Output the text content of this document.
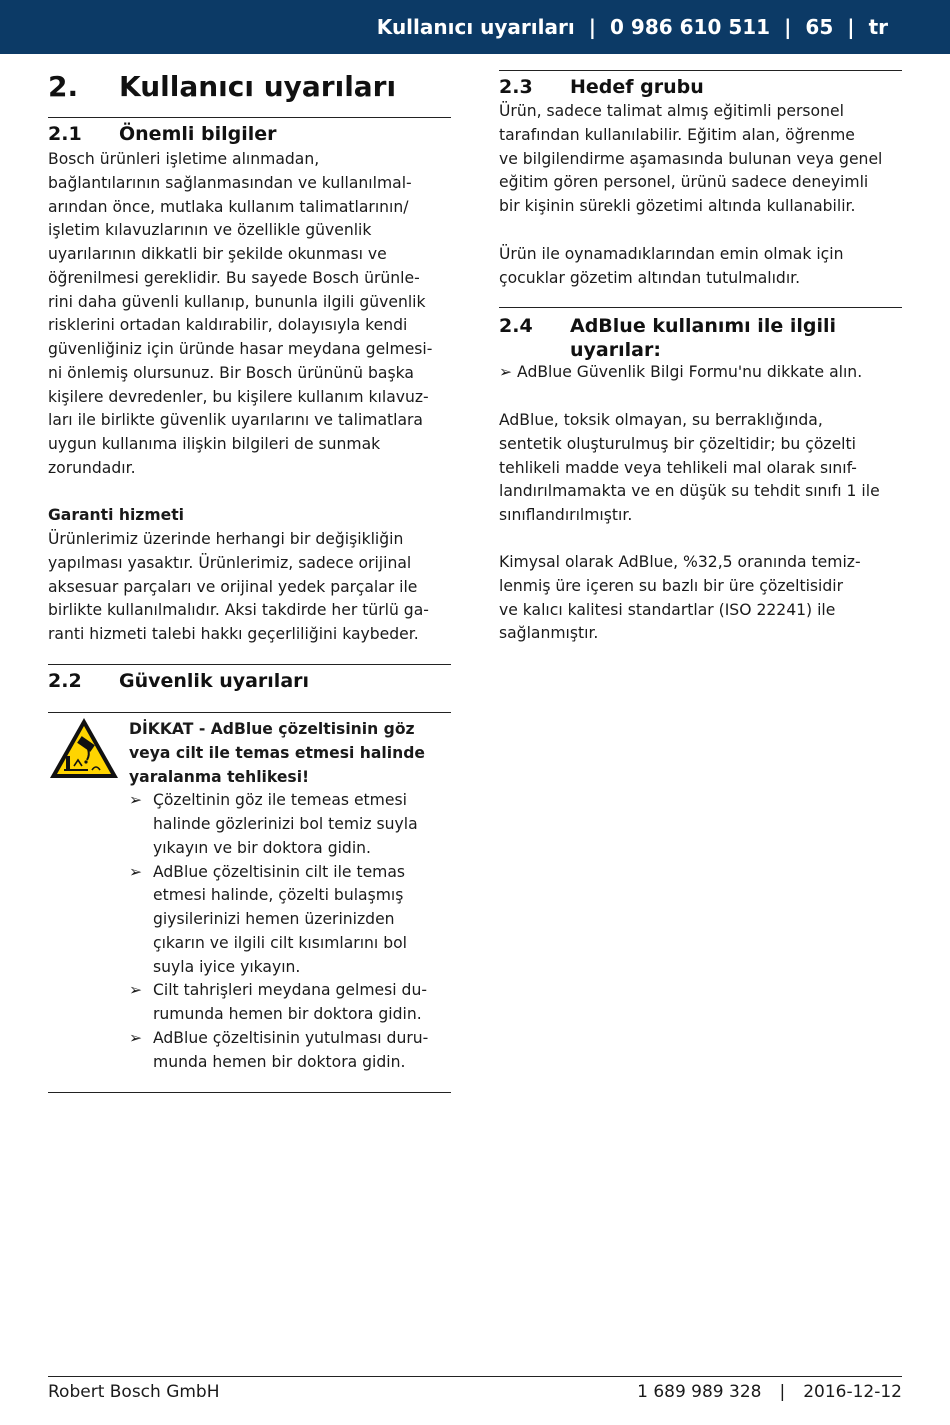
Kullanıcı uyarıları | 0 986 610 511 | 65 | tr
2. Kullanıcı uyarıları
2.1 Önemli bilgiler
Bosch ürünleri işletime alınmadan,
bağlantılarının sağlanmasından ve kullanılmal-
arından önce, mutlaka kullanım talimatlarının/
işletim kılavuzlarının ve özellikle güvenlik
uyarılarının dikkatli bir şekilde okunması ve
öğrenilmesi gereklidir. Bu sayede Bosch ürünle-
rini daha güvenli kullanıp, bununla ilgili güvenlik
risklerini ortadan kaldırabilir, dolayısıyla kendi
güvenliğiniz için üründe hasar meydana gelmesi-
ni önlemiş olursunuz. Bir Bosch ürününü başka
kişilere devredenler, bu kişilere kullanım kılavuz-
ları ile birlikte güvenlik uyarılarını ve talimatlara
uygun kullanıma ilişkin bilgileri de sunmak
zorundadır.
Garanti hizmeti
Ürünlerimiz üzerinde herhangi bir değişikliğin
yapılması yasaktır. Ürünlerimiz, sadece orijinal
aksesuar parçaları ve orijinal yedek parçalar ile
birlikte kullanılmalıdır. Aksi takdirde her türlü ga-
ranti hizmeti talebi hakkı geçerliliğini kaybeder.
2.2 Güvenlik uyarıları
DİKKAT - AdBlue çözeltisinin göz
veya cilt ile temas etmesi halinde
yaralanma tehlikesi!
➢ Çözeltinin göz ile temeas etmesi
halinde gözlerinizi bol temiz suyla
yıkayın ve bir doktora gidin.
➢ AdBlue çözeltisinin cilt ile temas
etmesi halinde, çözelti bulaşmış
giysilerinizi hemen üzerinizden
çıkarın ve ilgili cilt kısımlarını bol
suyla iyice yıkayın.
➢ Cilt tahrişleri meydana gelmesi du-
rumunda hemen bir doktora gidin.
➢ AdBlue çözeltisinin yutulması duru-
munda hemen bir doktora gidin.
2.3 Hedef grubu
Ürün, sadece talimat almış eğitimli personel
tarafından kullanılabilir. Eğitim alan, öğrenme
ve bilgilendirme aşamasında bulunan veya genel
eğitim gören personel, ürünü sadece deneyimli
bir kişinin sürekli gözetimi altında kullanabilir.
Ürün ile oynamadıklarından emin olmak için
çocuklar gözetim altından tutulmalıdır.
2.4 AdBlue kullanımı ile ilgili
uyarılar:
➢ AdBlue Güvenlik Bilgi Formu'nu dikkate alın.
AdBlue, toksik olmayan, su berraklığında,
sentetik oluşturulmuş bir çözeltidir; bu çözelti
tehlikeli madde veya tehlikeli mal olarak sınıf-
landırılmamakta ve en düşük su tehdit sınıfı 1 ile
sınıflandırılmıştır.
Kimysal olarak AdBlue, %32,5 oranında temiz-
lenmiş üre içeren su bazlı bir üre çözeltisidir
ve kalıcı kalitesi standartlar (ISO 22241) ile
sağlanmıştır.
Robert Bosch GmbH	1 689 989 328 | 2016-12-12
